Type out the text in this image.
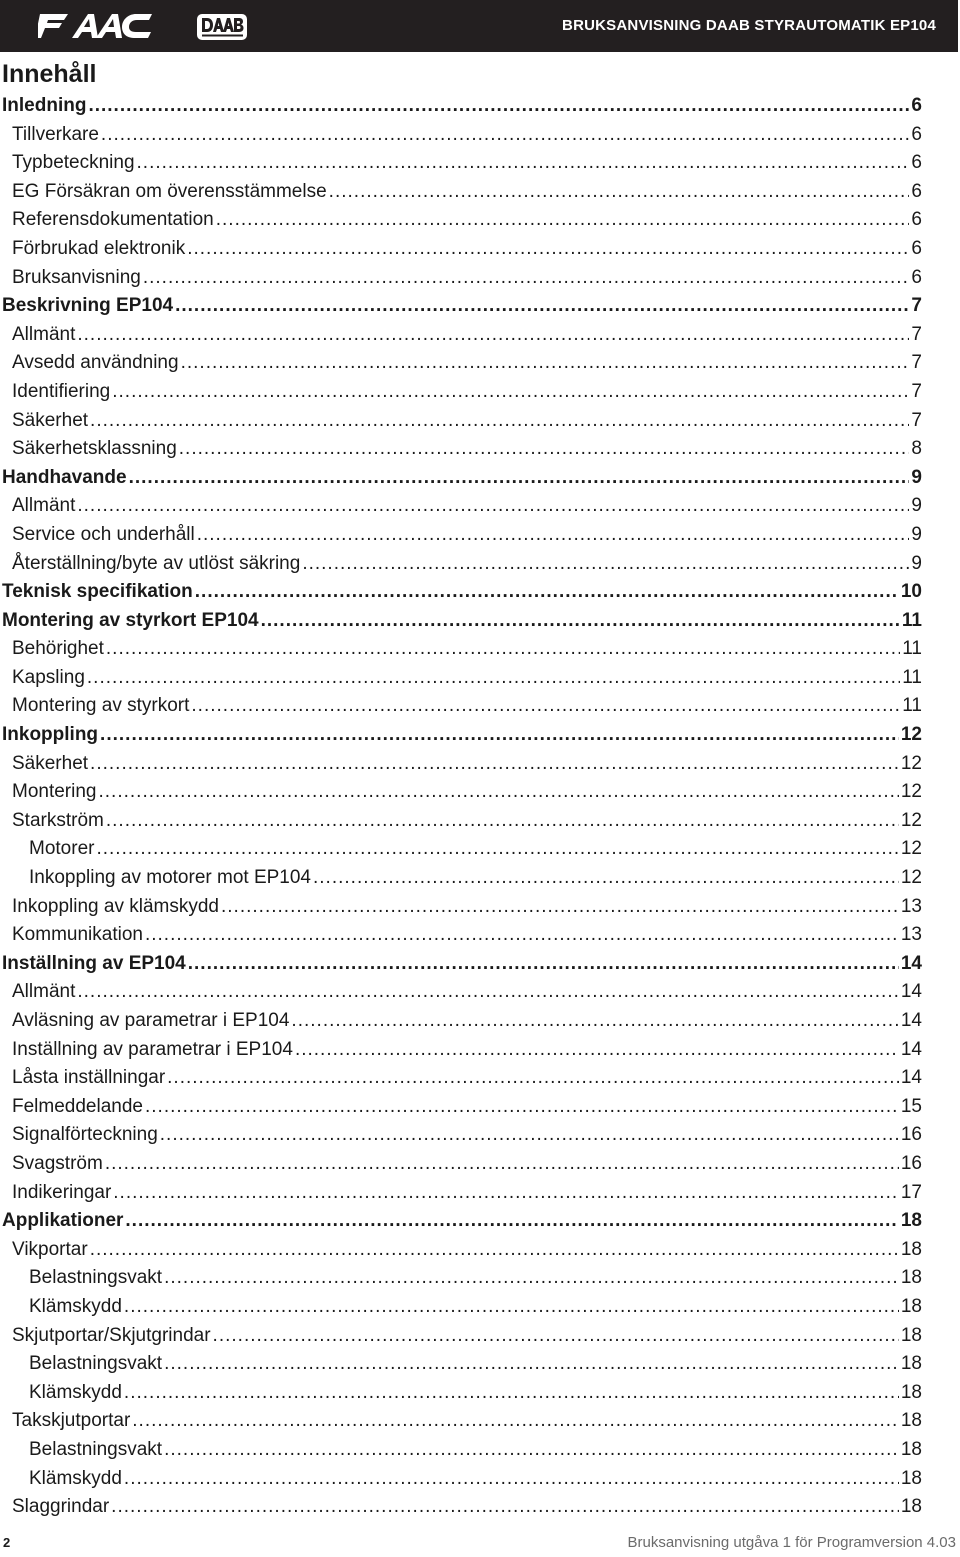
BRUKSANVISNING DAAB STYRAUTOMATIK EP104
Innehåll
Inledning .....	6
Tillverkare .....	6
Typbeteckning .....	6
EG Försäkran om överensstämmelse .....	6
Referensdokumentation .....	6
Förbrukad elektronik .....	6
Bruksanvisning .....	6
Beskrivning EP104 .....	7
Allmänt .....	7
Avsedd användning .....	7
Identifiering .....	7
Säkerhet .....	7
Säkerhetsklassning .....	8
Handhavande .....	9
Allmänt .....	9
Service och underhåll .....	9
Återställning/byte av utlöst säkring .....	9
Teknisk specifikation .....	10
Montering av styrkort EP104 .....	11
Behörighet .....	11
Kapsling .....	11
Montering av styrkort .....	11
Inkoppling .....	12
Säkerhet .....	12
Montering .....	12
Starkström .....	12
Motorer .....	12
Inkoppling av motorer mot EP104 .....	12
Inkoppling av klämskydd .....	13
Kommunikation .....	13
Inställning av EP104 .....	14
Allmänt .....	14
Avläsning av parametrar i EP104 .....	14
Inställning av parametrar i EP104 .....	14
Låsta inställningar .....	14
Felmeddelande .....	15
Signalförteckning .....	16
Svagström .....	16
Indikeringar .....	17
Applikationer .....	18
Vikportar .....	18
Belastningsvakt .....	18
Klämskydd .....	18
Skjutportar/Skjutgrindar .....	18
Belastningsvakt .....	18
Klämskydd .....	18
Takskjutportar .....	18
Belastningsvakt .....	18
Klämskydd .....	18
Slaggrindar .....	18
2	Bruksanvisning utgåva 1 för Programversion 4.03
